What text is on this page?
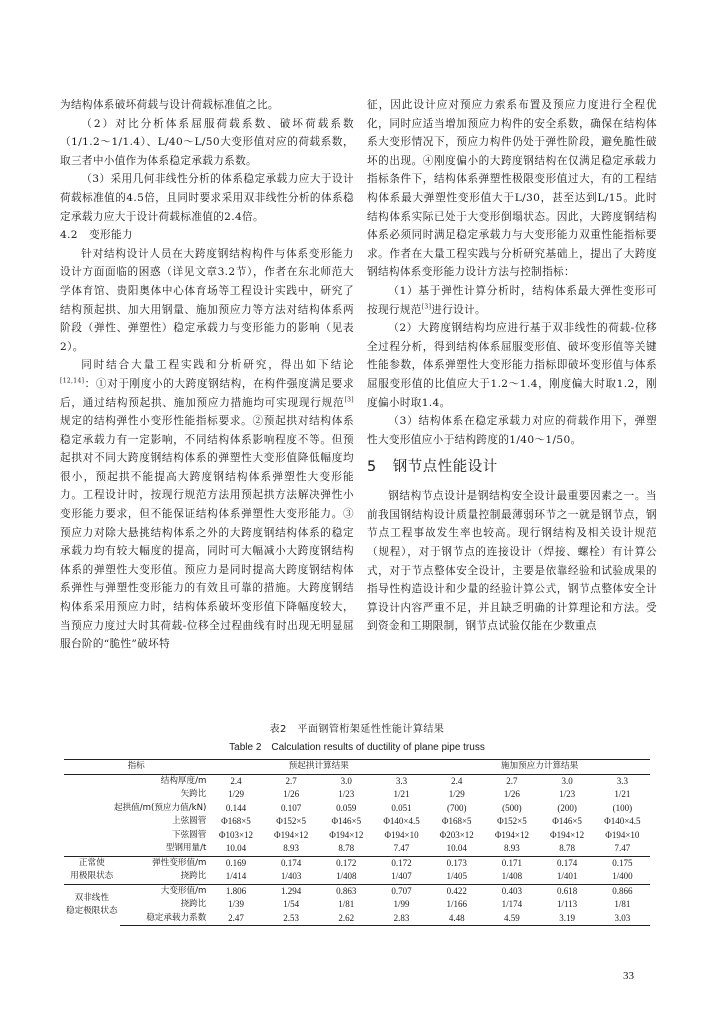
为结构体系破坏荷载与设计荷载标准值之比。

（2）对比分析体系屈服荷载系数、破坏荷载系数（1/1.2～1/1.4）、L/40～L/50大变形值对应的荷载系数，取三者中小值作为体系稳定承载力系数。

（3）采用几何非线性分析的体系稳定承载力应大于设计荷载标准值的4.5倍，且同时要求采用双非线性分析的体系稳定承载力应大于设计荷载标准值的2.4倍。

4.2 变形能力

针对结构设计人员在大跨度钢结构构件与体系变形能力设计方面面临的困惑（详见文章3.2节），作者在东北师范大学体育馆、贵阳奥体中心体育场等工程设计实践中，研究了结构预起拱、加大用钢量、施加预应力等方法对结构体系两阶段（弹性、弹塑性）稳定承载力与变形能力的影响（见表2）。

同时结合大量工程实践和分析研究，得出如下结论[12,14]：①对于刚度小的大跨度钢结构，在构件强度满足要求后，通过结构预起拱、施加预应力措施均可实现现行规范[3]规定的结构弹性小变形性能指标要求。②预起拱对结构体系稳定承载力有一定影响，不同结构体系影响程度不等。但预起拱对不同大跨度钢结构体系的弹塑性大变形值降低幅度均很小，预起拱不能提高大跨度钢结构体系弹塑性大变形能力。工程设计时，按现行规范方法用预起拱方法解决弹性小变形能力要求，但不能保证结构体系弹塑性大变形能力。③预应力对除大悬挑结构体系之外的大跨度钢结构体系的稳定承载力均有较大幅度的提高，同时可大幅减小大跨度钢结构体系的弹塑性大变形值。预应力是同时提高大跨度钢结构体系弹性与弹塑性变形能力的有效且可靠的措施。大跨度钢结构体系采用预应力时，结构体系破坏变形值下降幅度较大，当预应力度过大时其荷载-位移全过程曲线有时出现无明显屈服台阶的“脆性”破坏特

征，因此设计应对预应力索系布置及预应力度进行全程优化，同时应适当增加预应力构件的安全系数，确保在结构体系大变形情况下，预应力构件仍处于弹性阶段，避免脆性破坏的出现。④刚度偏小的大跨度钢结构在仅满足稳定承载力指标条件下，结构体系弹塑性极限变形值过大，有的工程结构体系最大弹塑性变形值大于L/30，甚至达到L/15。此时结构体系实际已处于大变形倒塌状态。因此，大跨度钢结构体系必须同时满足稳定承载力与大变形能力双重性能指标要求。作者在大量工程实践与分析研究基础上，提出了大跨度钢结构体系变形能力设计方法与控制指标：

（1）基于弹性计算分析时，结构体系最大弹性变形可按现行规范[3]进行设计。

（2）大跨度钢结构均应进行基于双非线性的荷载-位移全过程分析，得到结构体系屈服变形值、破坏变形值等关键性能参数，体系弹塑性大变形能力指标即破坏变形值与体系屈服变形值的比值应大于1.2～1.4，刚度偏大时取1.2，刚度偏小时取1.4。

（3）结构体系在稳定承载力对应的荷载作用下，弹塑性大变形值应小于结构跨度的1/40～1/50。

5 钢节点性能设计

钢结构节点设计是钢结构安全设计最重要因素之一。当前我国钢结构设计质量控制最薄弱环节之一就是钢节点，钢节点工程事故发生率也较高。现行钢结构及相关设计规范（规程），对于钢节点的连接设计（焊接、螺栓）有计算公式，对于节点整体安全设计，主要是依靠经验和试验成果的指导性构造设计和少量的经验计算公式，钢节点整体安全计算设计内容严重不足，并且缺乏明确的计算理论和方法。受到资金和工期限制，钢节点试验仅能在少数重点

表2　平面钢管桁架延性性能计算结果
Table 2　Calculation results of ductility of plane pipe truss
指标		预起拱计算结果				施加预应力计算结果			
结构厚度/m		2.4	2.7	3.0	3.3	2.4	2.7	3.0	3.3
矢跨比		1/29	1/26	1/23	1/21	1/29	1/26	1/23	1/21
起拱值/m(预应力值/kN)		0.144	0.107	0.059	0.051	(700)	(500)	(200)	(100)
上弦圆管		Φ168×5	Φ152×5	Φ146×5	Φ140×4.5	Φ168×5	Φ152×5	Φ146×5	Φ140×4.5
下弦圆管		Φ103×12	Φ194×12	Φ194×12	Φ194×10	Φ203×12	Φ194×12	Φ194×12	Φ194×10
型钢用量/t		10.04	8.93	8.78	7.47	10.04	8.93	8.78	7.47

正常使
用极限状态	弹性变形值/m	0.169	0.174	0.172	0.172	0.173	0.171	0.174	0.175
	挠跨比	1/414	1/403	1/408	1/407	1/405	1/408	1/401	1/400

双非线性
稳定极限状态	大变形值/m	1.806	1.294	0.863	0.707	0.422	0.403	0.618	0.866
	挠跨比	1/39	1/54	1/81	1/99	1/166	1/174	1/113	1/81
	稳定承载力系数	2.47	2.53	2.62	2.83	4.48	4.59	3.19	3.03
33
